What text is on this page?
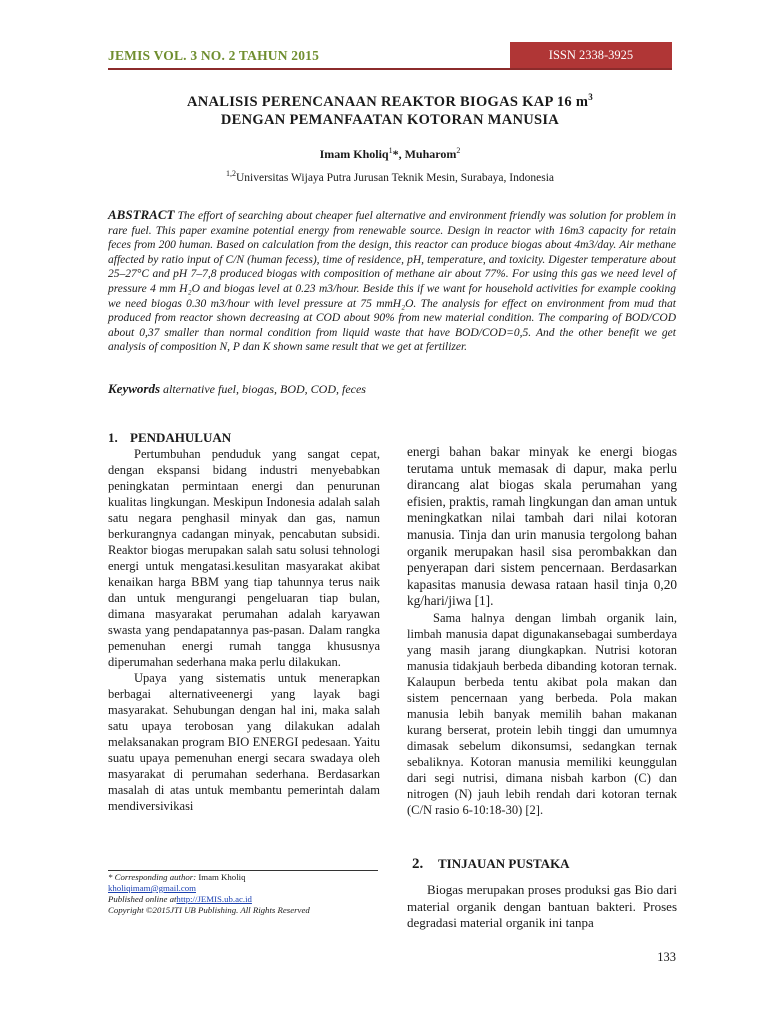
JEMIS VOL. 3 NO. 2 TAHUN 2015	ISSN 2338-3925
ANALISIS PERENCANAAN REAKTOR BIOGAS KAP 16 $m^3$
DENGAN PEMANFAATAN KOTORAN MANUSIA
Imam Kholiq$^1$*, Muharom$^2$
$^{1,2}$Universitas Wijaya Putra Jurusan Teknik Mesin, Surabaya, Indonesia
ABSTRACT The effort of searching about cheaper fuel alternative and environment friendly was solution for problem in rare fuel. This paper examine potential energy from renewable source. Design in reactor with 16m3 capacity for retain feces from 200 human. Based on calculation from the design, this reactor can produce biogas about 4m3/day. Air methane affected by ratio input of C/N (human fecess), time of residence, pH, temperature, and toxicity. Digester temperature about 25–27°C and pH 7–7,8 produced biogas with composition of methane air about 77%. For using this gas we need level of pressure 4 mm H₂O and biogas level at 0.23 m3/hour. Beside this if we want for household activities for example cooking we need biogas 0.30 m3/hour with level pressure at 75 mmH₂O. The analysis for effect on environment from mud that produced from reactor shown decreasing at COD about 90% from new material condition. The comparing of BOD/COD about 0,37 smaller than normal condition from liquid waste that have BOD/COD=0,5. And the other benefit we get analysis of composition N, P dan K shown same result that we get at fertilizer.
Keywords alternative fuel, biogas, BOD, COD, feces
1. PENDAHULUAN

Pertumbuhan penduduk yang sangat cepat, dengan ekspansi bidang industri menyebabkan peningkatan permintaan energi dan penurunan kualitas lingkungan. Meskipun Indonesia adalah salah satu negara penghasil minyak dan gas, namun berkurangnya cadangan minyak, pencabutan subsidi. Reaktor biogas merupakan salah satu solusi tehnologi energi untuk mengatasi.kesulitan masyarakat akibat kenaikan harga BBM yang tiap tahunnya terus naik dan untuk mengurangi pengeluaran tiap bulan, dimana masyarakat perumahan adalah karyawan swasta yang pendapatannya pas-pasan. Dalam rangka pemenuhan energi rumah tangga khususnya diperumahan sederhana maka perlu dilakukan.

Upaya yang sistematis untuk menerapkan berbagai alternativeenergi yang layak bagi masyarakat. Sehubungan dengan hal ini, maka salah satu upaya terobosan yang dilakukan adalah melaksanakan program BIO ENERGI pedesaan. Yaitu suatu upaya pemenuhan energi secara swadaya oleh masyarakat di perumahan sederhana. Berdasarkan masalah di atas untuk membantu pemerintah dalam mendiversivikasi

energi bahan bakar minyak ke energi biogas terutama untuk memasak di dapur, maka perlu dirancang alat biogas skala perumahan yang efisien, praktis, ramah lingkungan dan aman untuk meningkatkan nilai tambah dari nilai kotoran manusia. Tinja dan urin manusia tergolong bahan organik merupakan hasil sisa perombakkan dan penyerapan dari sistem pencernaan. Berdasarkan kapasitas manusia dewasa rataan hasil tinja 0,20 kg/hari/jiwa [1].

Sama halnya dengan limbah organik lain, limbah manusia dapat digunakansebagai sumberdaya yang masih jarang diungkapkan. Nutrisi kotoran manusia tidakjauh berbeda dibanding kotoran ternak. Kalaupun berbeda tentu akibat pola makan dan sistem pencernaan yang berbeda. Pola makan manusia lebih banyak memilih bahan makanan kurang berserat, protein lebih tinggi dan umumnya dimasak sebelum dikonsumsi, sedangkan ternak sebaliknya. Kotoran manusia memiliki keunggulan dari segi nutrisi, dimana nisbah karbon (C) dan nitrogen (N) jauh lebih rendah dari kotoran ternak (C/N rasio 6-10:18-30) [2].

2. TINJAUAN PUSTAKA

Biogas merupakan proses produksi gas Bio dari material organik dengan bantuan bakteri. Proses degradasi material organik ini tanpa

* Corresponding author: Imam Kholiq
kholiqimam@gmail.com
Published online athttp://JEMIS.ub.ac.id
Copyright ©2015JTI UB Publishing. All Rights Reserved
133
